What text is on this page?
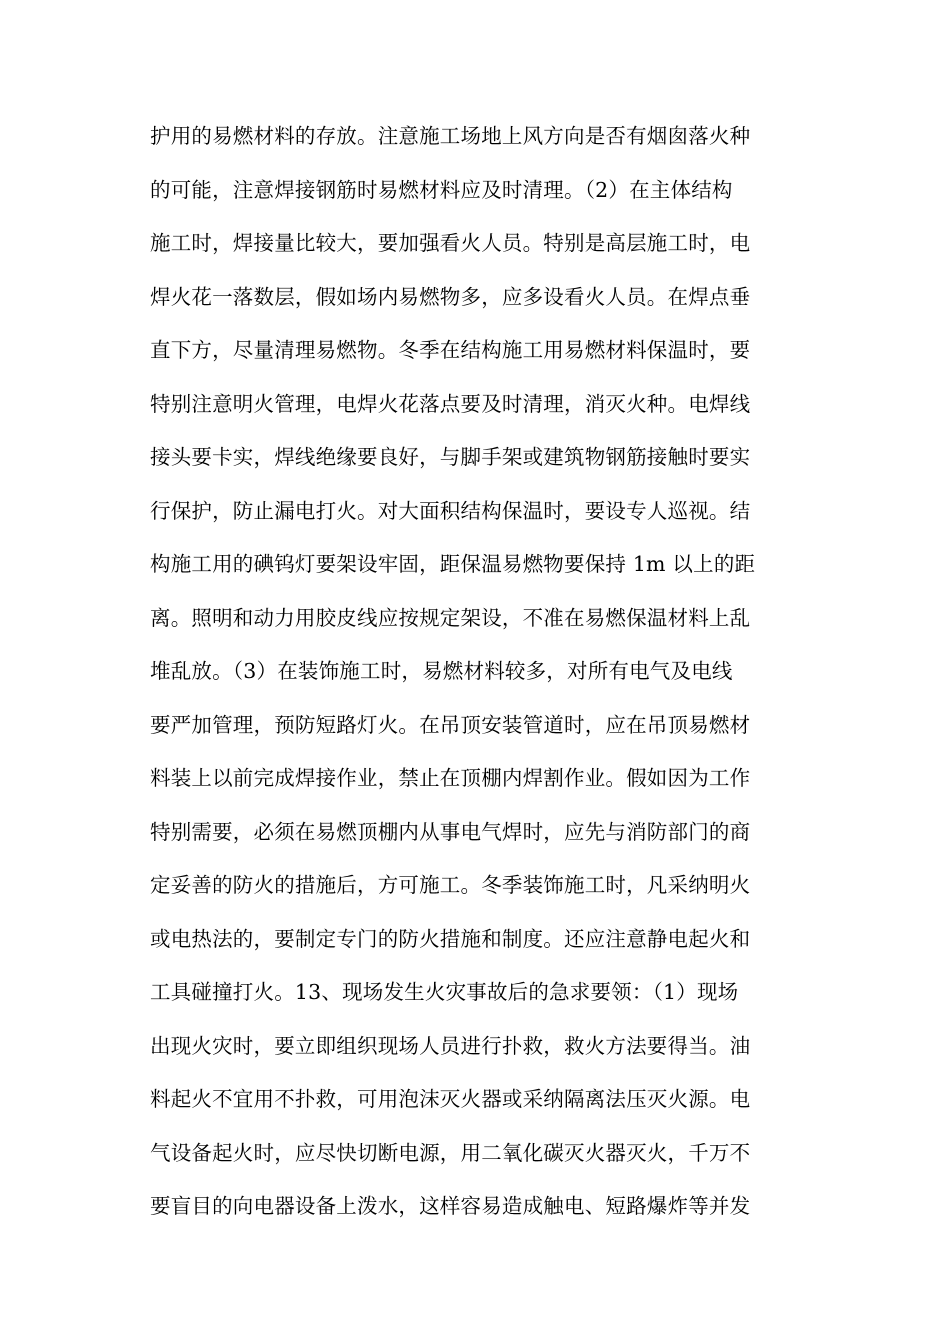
护用的易燃材料的存放。注意施工场地上风方向是否有烟囱落火种
的可能，注意焊接钢筋时易燃材料应及时清理。（2）在主体结构
施工时，焊接量比较大，要加强看火人员。特别是高层施工时，电
焊火花一落数层，假如场内易燃物多，应多设看火人员。在焊点垂
直下方，尽量清理易燃物。冬季在结构施工用易燃材料保温时，要
特别注意明火管理，电焊火花落点要及时清理，消灭火种。电焊线
接头要卡实，焊线绝缘要良好，与脚手架或建筑物钢筋接触时要实
行保护，防止漏电打火。对大面积结构保温时，要设专人巡视。结
构施工用的碘钨灯要架设牢固，距保温易燃物要保持 1m 以上的距
离。照明和动力用胶皮线应按规定架设，不准在易燃保温材料上乱
堆乱放。（3）在装饰施工时，易燃材料较多，对所有电气及电线
要严加管理，预防短路灯火。在吊顶安装管道时，应在吊顶易燃材
料装上以前完成焊接作业，禁止在顶棚内焊割作业。假如因为工作
特别需要，必须在易燃顶棚内从事电气焊时，应先与消防部门的商
定妥善的防火的措施后，方可施工。冬季装饰施工时，凡采纳明火
或电热法的，要制定专门的防火措施和制度。还应注意静电起火和
工具碰撞打火。13、现场发生火灾事故后的急求要领：（1）现场
出现火灾时，要立即组织现场人员进行扑救，救火方法要得当。油
料起火不宜用不扑救，可用泡沫灭火器或采纳隔离法压灭火源。电
气设备起火时，应尽快切断电源，用二氧化碳灭火器灭火，千万不
要盲目的向电器设备上泼水，这样容易造成触电、短路爆炸等并发
